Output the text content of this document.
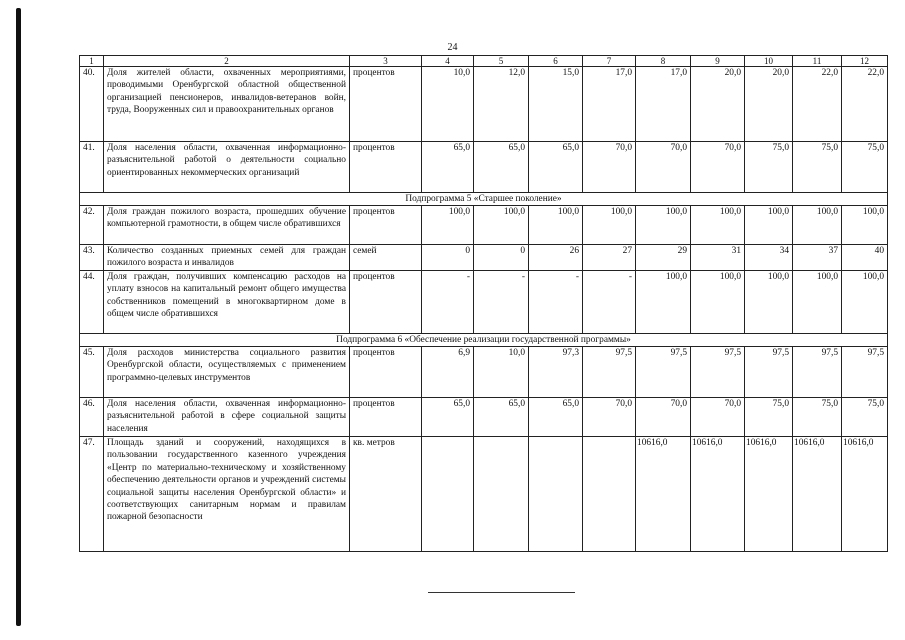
24
1	2	3	4	5	6	7	8	9	10	11	12
40.	Доля жителей области, охваченных мероприятиями, проводимыми Оренбургской областной общественной организацией пенсионеров, инвалидов-ветеранов войн, труда, Вооруженных сил и правоохранительных органов	процентов	10,0	12,0	15,0	17,0	17,0	20,0	20,0	22,0	22,0
41.	Доля населения области, охваченная информационно-разъяснительной работой о деятельности социально ориентированных некоммерческих организаций	процентов	65,0	65,0	65,0	70,0	70,0	70,0	75,0	75,0	75,0
Подпрограмма 5 «Старшее поколение»											
42.	Доля граждан пожилого возраста, прошедших обучение компьютерной грамотности, в общем числе обратившихся	процентов	100,0	100,0	100,0	100,0	100,0	100,0	100,0	100,0	100,0
43.	Количество созданных приемных семей для граждан пожилого возраста и инвалидов	семей	0	0	26	27	29	31	34	37	40
44.	Доля граждан, получивших компенсацию расходов на уплату взносов на капитальный ремонт общего имущества собственников помещений в многоквартирном доме в общем числе обратившихся	процентов	-	-	-	-	100,0	100,0	100,0	100,0	100,0
Подпрограмма 6 «Обеспечение реализации государственной программы»											
45.	Доля расходов министерства социального развития Оренбургской области, осуществляемых с применением программно-целевых инструментов	процентов	6,9	10,0	97,3	97,5	97,5	97,5	97,5	97,5	97,5
46.	Доля населения области, охваченная информационно-разъяснительной работой в сфере социальной защиты населения	процентов	65,0	65,0	65,0	70,0	70,0	70,0	75,0	75,0	75,0
47.	Площадь зданий и сооружений, находящихся в пользовании государственного казенного учреждения «Центр по материально-техническому и хозяйственному обеспечению деятельности органов и учреждений системы социальной защиты населения Оренбургской области» и соответствующих санитарным нормам и правилам пожарной безопасности	кв. метров					10616,0	10616,0	10616,0	10616,0	10616,0
